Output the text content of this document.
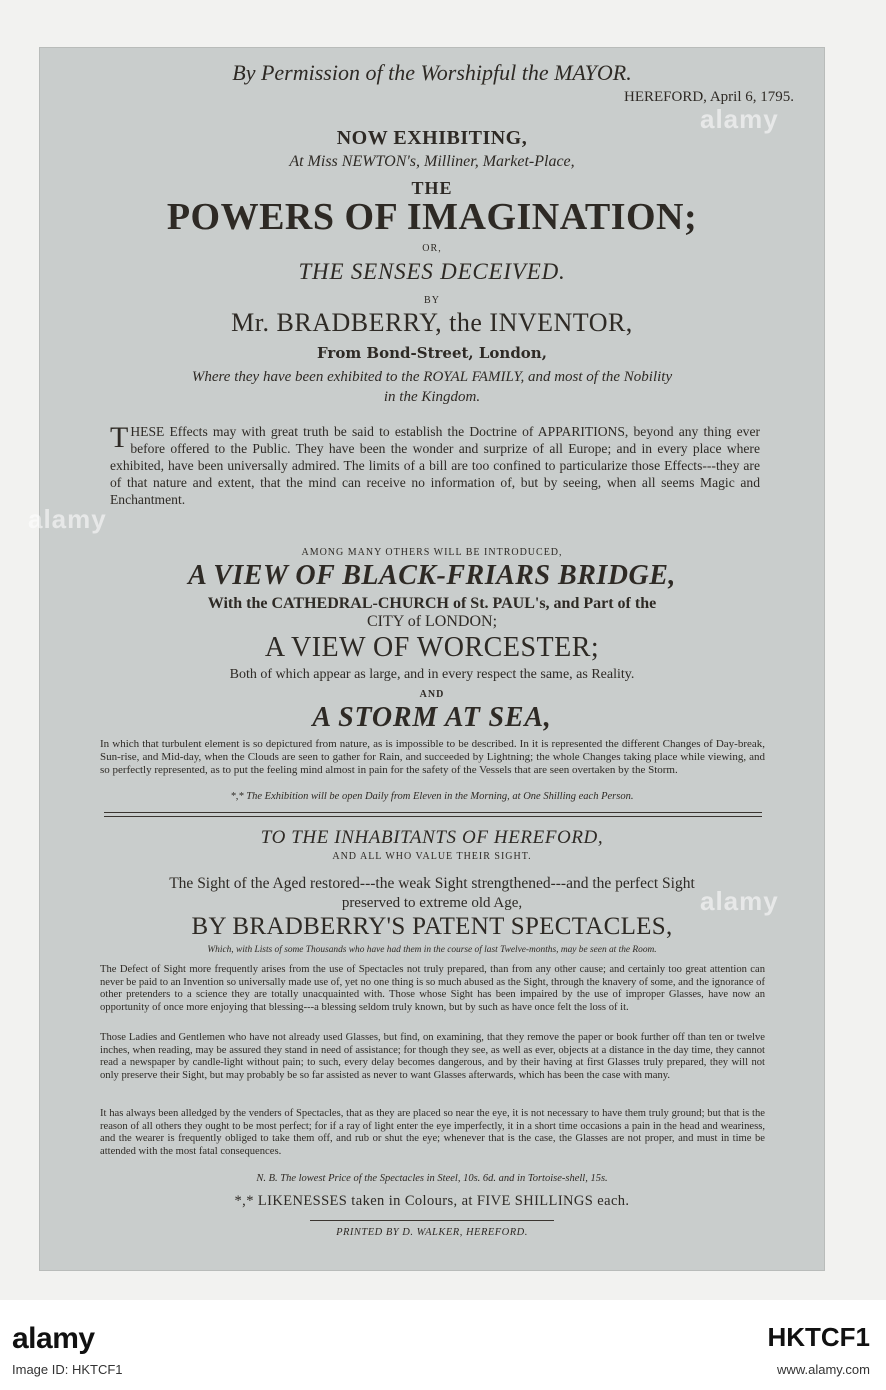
By Permission of the Worshipful the MAYOR.
HEREFORD, April 6, 1795.
NOW EXHIBITING,
At Miss NEWTON's, Milliner, Market-Place,
THE
POWERS OF IMAGINATION;
OR,
THE SENSES DECEIVED.
BY
Mr. BRADBERRY, the INVENTOR,
From Bond-Street, London,
Where they have been exhibited to the ROYAL FAMILY, and most of the Nobility
in the Kingdom.
THESE Effects may with great truth be said to establish the Doctrine of APPARITIONS, beyond any thing ever before offered to the Public. They have been the wonder and surprize of all Europe; and in every place where exhibited, have been universally admired. The limits of a bill are too confined to particularize those Effects---they are of that nature and extent, that the mind can receive no information of, but by seeing, when all seems Magic and Enchantment.
AMONG MANY OTHERS WILL BE INTRODUCED,
A VIEW OF BLACK-FRIARS BRIDGE,
With the CATHEDRAL-CHURCH of St. PAUL's, and Part of the
CITY of LONDON;
A VIEW OF WORCESTER;
Both of which appear as large, and in every respect the same, as Reality.
AND
A STORM AT SEA,
In which that turbulent element is so depictured from nature, as is impossible to be described. In it is represented the different Changes of Day-break, Sun-rise, and Mid-day, when the Clouds are seen to gather for Rain, and succeeded by Lightning; the whole Changes taking place while viewing, and so perfectly represented, as to put the feeling mind almost in pain for the safety of the Vessels that are seen overtaken by the Storm.
*,* The Exhibition will be open Daily from Eleven in the Morning, at One Shilling each Person.
TO THE INHABITANTS OF HEREFORD,
AND ALL WHO VALUE THEIR SIGHT.
The Sight of the Aged restored---the weak Sight strengthened---and the perfect Sight
preserved to extreme old Age,
BY BRADBERRY'S PATENT SPECTACLES,
Which, with Lists of some Thousands who have had them in the course of last Twelve-months, may be seen at the Room.
The Defect of Sight more frequently arises from the use of Spectacles not truly prepared, than from any other cause; and certainly too great attention can never be paid to an Invention so universally made use of, yet no one thing is so much abused as the Sight, through the knavery of some, and the ignorance of other pretenders to a science they are totally unacquainted with. Those whose Sight has been impaired by the use of improper Glasses, have now an opportunity of once more enjoying that blessing---a blessing seldom truly known, but by such as have once felt the loss of it.
Those Ladies and Gentlemen who have not already used Glasses, but find, on examining, that they remove the paper or book further off than ten or twelve inches, when reading, may be assured they stand in need of assistance; for though they see, as well as ever, objects at a distance in the day time, they cannot read a newspaper by candle-light without pain; to such, every delay becomes dangerous, and by their having at first Glasses truly prepared, they will not only preserve their Sight, but may probably be so far assisted as never to want Glasses afterwards, which has been the case with many.
It has always been alledged by the venders of Spectacles, that as they are placed so near the eye, it is not necessary to have them truly ground; but that is the reason of all others they ought to be most perfect; for if a ray of light enter the eye imperfectly, it in a short time occasions a pain in the head and weariness, and the wearer is frequently obliged to take them off, and rub or shut the eye; whenever that is the case, the Glasses are not proper, and must in time be attended with the most fatal consequences.
N. B. The lowest Price of the Spectacles in Steel, 10s. 6d. and in Tortoise-shell, 15s.
*,* LIKENESSES taken in Colours, at FIVE SHILLINGS each.
PRINTED BY D. WALKER, HEREFORD.
alamy
alamy
alamy
alamy
Image ID: HKTCF1
HKTCF1
www.alamy.com
